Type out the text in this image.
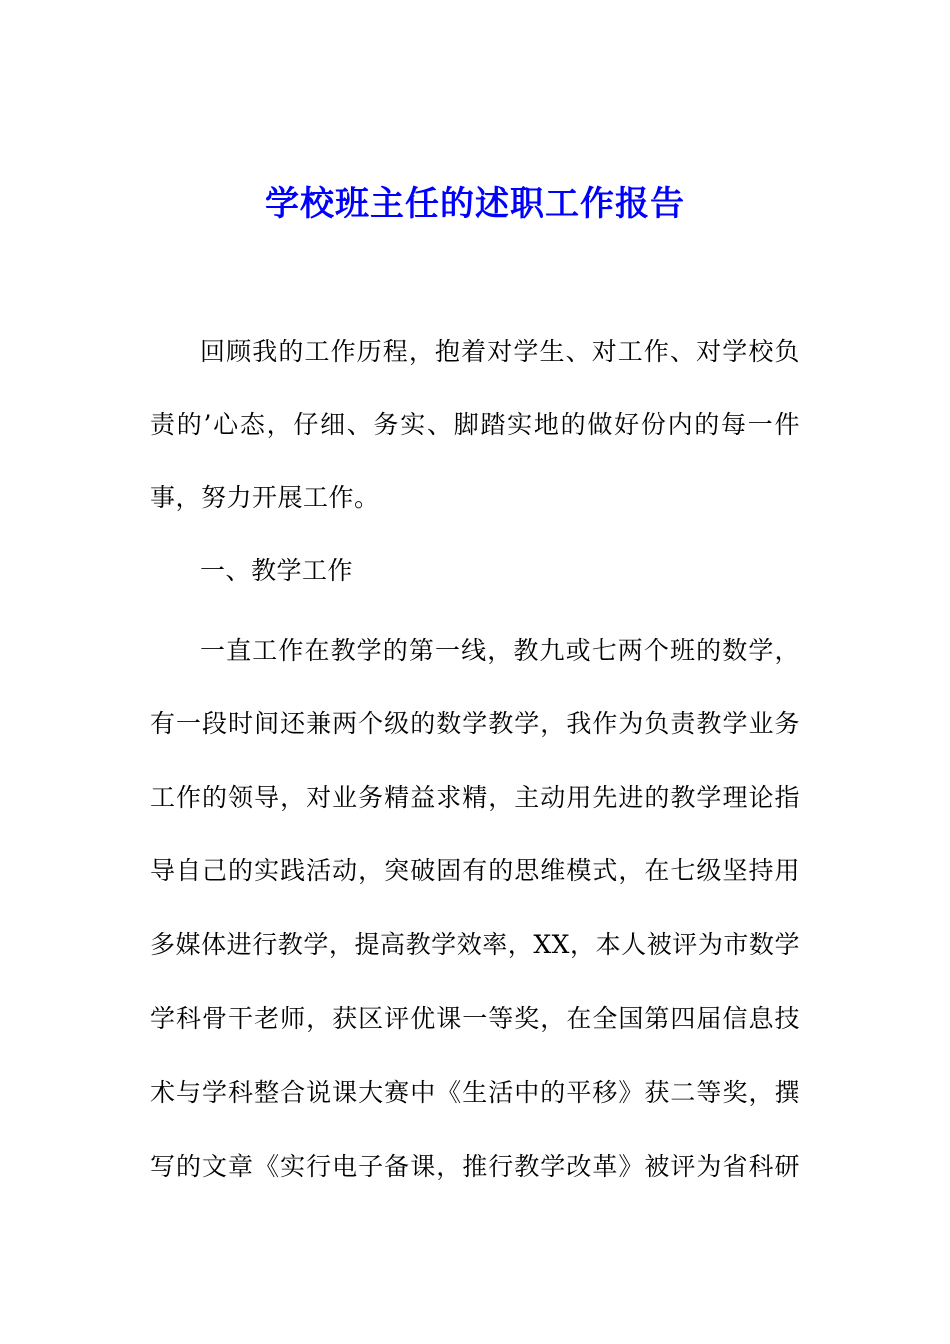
学校班主任的述职工作报告
回顾我的工作历程，抱着对学生、对工作、对学校负
责的’心态，仔细、务实、脚踏实地的做好份内的每一件
事，努力开展工作。
一、教学工作
一直工作在教学的第一线，教九或七两个班的数学，
有一段时间还兼两个级的数学教学，我作为负责教学业务
工作的领导，对业务精益求精，主动用先进的教学理论指
导自己的实践活动，突破固有的思维模式，在七级坚持用
多媒体进行教学，提高教学效率，XX，本人被评为市数学
学科骨干老师，获区评优课一等奖，在全国第四届信息技
术与学科整合说课大赛中《生活中的平移》获二等奖，撰
写的文章《实行电子备课，推行教学改革》被评为省科研
